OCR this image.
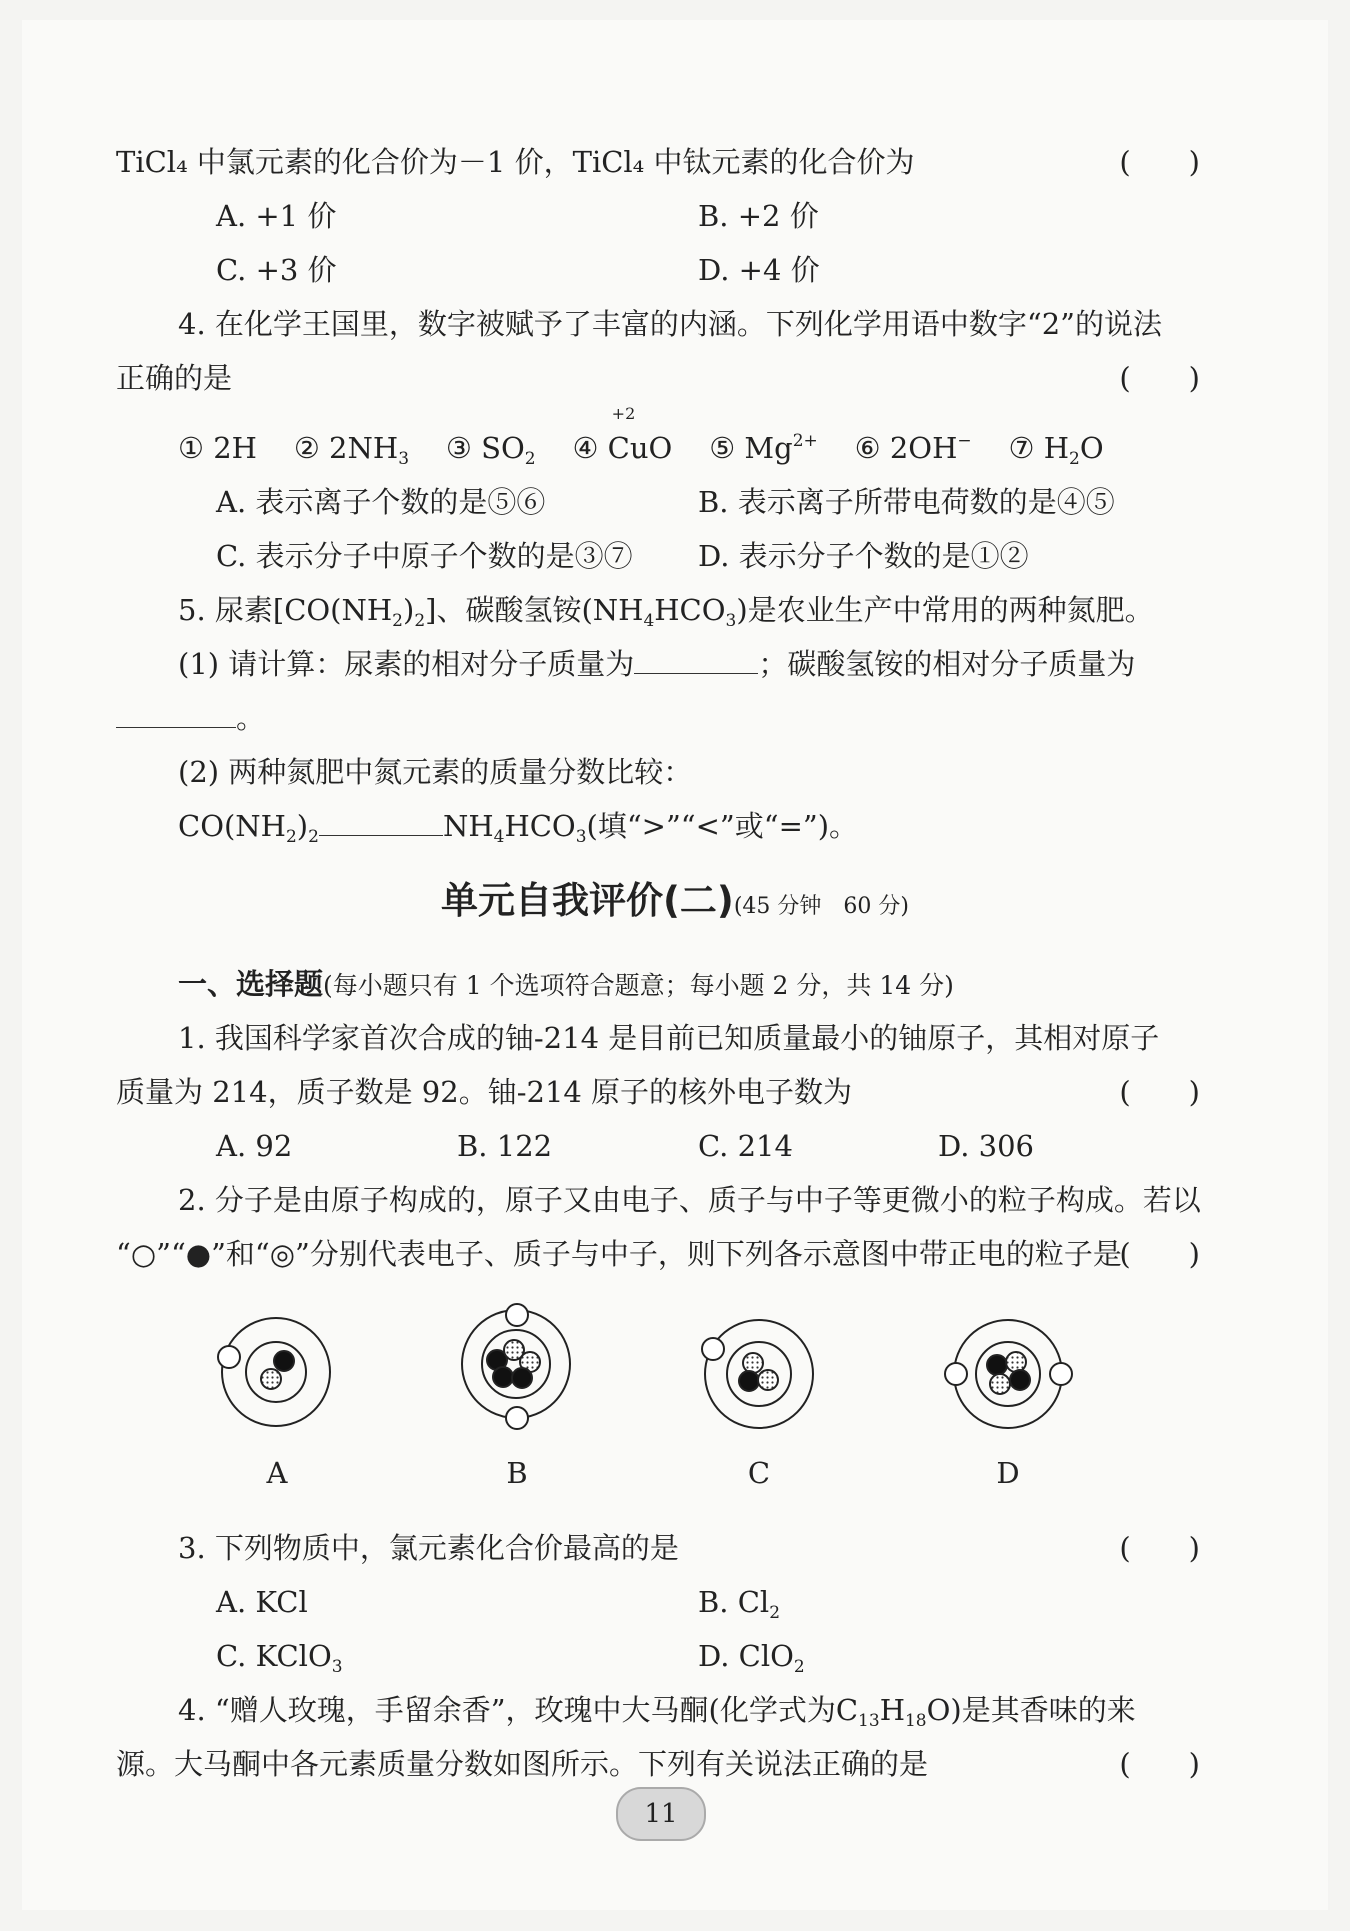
TiCl₄ 中氯元素的化合价为－1 价，TiCl₄ 中钛元素的化合价为	(　　)
A. +1 价	B. +2 价
C. +3 价	D. +4 价
4. 在化学王国里，数字被赋予了丰富的内涵。下列化学用语中数字“2”的说法
正确的是	(　　)
① 2H ② $2NH_3$ ③ $SO_2$ ④
+2
CuO ⑤ $Mg^{2+}$ ⑥ 2OH− ⑦ $H_2O$
A. 表示离子个数的是⑤⑥	B. 表示离子所带电荷数的是④⑤
C. 表示分子中原子个数的是③⑦ D. 表示分子个数的是①②
5. 尿素$[CO(NH_2)_2]$、碳酸氢铵$(NH_4HCO_3)$是农业生产中常用的两种氮肥。
(1) 请计算：尿素的相对分子质量为	；碳酸氢铵的相对分子质量为
。
(2) 两种氮肥中氮元素的质量分数比较：
$CO(NH_2)_2$	$NH_4HCO_3$(填“>”“<”或“=”)。
单元自我评价(二)(45 分钟　60 分)
一、选择题(每小题只有 1 个选项符合题意；每小题 2 分，共 14 分)
1. 我国科学家首次合成的铀-214 是目前已知质量最小的铀原子，其相对原子
质量为 214，质子数是 92。铀-214 原子的核外电子数为	(　　)
A. 92	B. 122	C. 214	D. 306
2. 分子是由原子构成的，原子又由电子、质子与中子等更微小的粒子构成。若以
“○”“●”和“◎”分别代表电子、质子与中子，则下列各示意图中带正电的粒子是
(　　)
A	B	C	D
3. 下列物质中，氯元素化合价最高的是	(　　)
A. KCl	B. $Cl_2$
C. KClO$_3$	D. ClO$_2$
4. “赠人玫瑰，手留余香”，玫瑰中大马酮(化学式为$C_{13}H_{18}O$)是其香味的来
源。大马酮中各元素质量分数如图所示。下列有关说法正确的是	(　　)
11
